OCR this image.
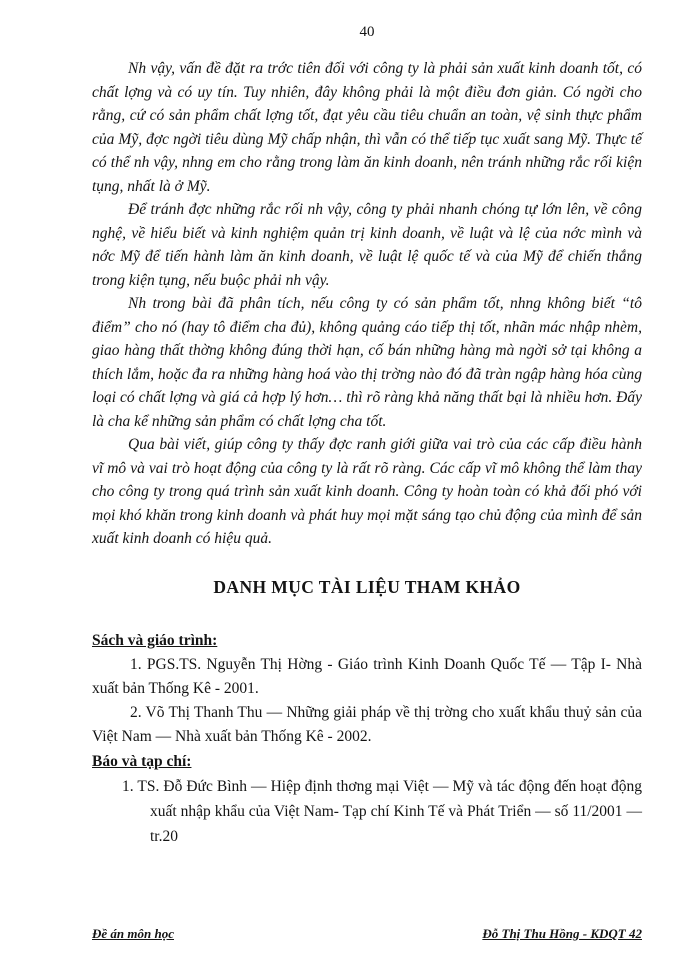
40

Nh vậy, vấn đề đặt ra trớc tiên đối với công ty là phải sản xuất kinh doanh tốt, có chất lợng và có uy tín. Tuy nhiên, đây không phải là một điều đơn giản. Có ngời cho rằng, cứ có sản phẩm chất lợng tốt, đạt yêu cầu tiêu chuẩn an toàn, vệ sinh thực phẩm của Mỹ, đợc ngời tiêu dùng Mỹ chấp nhận, thì vẫn có thể tiếp tục xuất sang Mỹ. Thực tế có thể nh vậy, nhng em cho rằng trong làm ăn kinh doanh, nên tránh những rắc rối kiện tụng, nhất là ở Mỹ.

Để tránh đợc những rắc rối nh vậy, công ty phải nhanh chóng tự lớn lên, về công nghệ, về hiểu biết và kinh nghiệm quản trị kinh doanh, về luật và lệ của nớc mình và nớc Mỹ để tiến hành làm ăn kinh doanh, về luật lệ quốc tế và của Mỹ để chiến thắng trong kiện tụng, nếu buộc phải nh vậy.

Nh trong bài đã phân tích, nếu công ty có sản phẩm tốt, nhng không biết “tô điểm” cho nó (hay tô điểm cha đủ), không quảng cáo tiếp thị tốt, nhãn mác nhập nhèm, giao hàng thất thờng không đúng thời hạn, cố bán những hàng mà ngời sở tại không a thích lắm, hoặc đa ra những hàng hoá vào thị trờng nào đó đã tràn ngập hàng hóa cùng loại có chất lợng và giá cả hợp lý hơn… thì rõ ràng khả năng thất bại là nhiều hơn. Đấy là cha kể những sản phẩm có chất lợng cha tốt.

Qua bài viết, giúp công ty thấy đợc ranh giới giữa vai trò của các cấp điều hành vĩ mô và vai trò hoạt động của công ty là rất rõ ràng. Các cấp vĩ mô không thể làm thay cho công ty trong quá trình sản xuất kinh doanh. Công ty hoàn toàn có khả đối phó với mọi khó khăn trong kinh doanh và phát huy mọi mặt sáng tạo chủ động của mình để sản xuất kinh doanh có hiệu quả.

DANH MỤC TÀI LIỆU THAM KHẢO
Sách và giáo trình:

1. PGS.TS. Nguyễn Thị Hờng - Giáo trình Kinh Doanh Quốc Tế — Tập I- Nhà xuất bản Thống Kê - 2001.

2. Võ Thị Thanh Thu — Những giải pháp về thị trờng cho xuất khẩu thuỷ sản của Việt Nam — Nhà xuất bản Thống Kê - 2002.

Báo và tạp chí:
1. TS. Đỗ Đức Bình — Hiệp định thơng mại Việt — Mỹ và tác động đến hoạt động xuất nhập khẩu của Việt Nam- Tạp chí Kinh Tế và Phát Triển — số 11/2001 — tr.20
Đề án môn học	Đỗ Thị Thu Hồng - KDQT 42
